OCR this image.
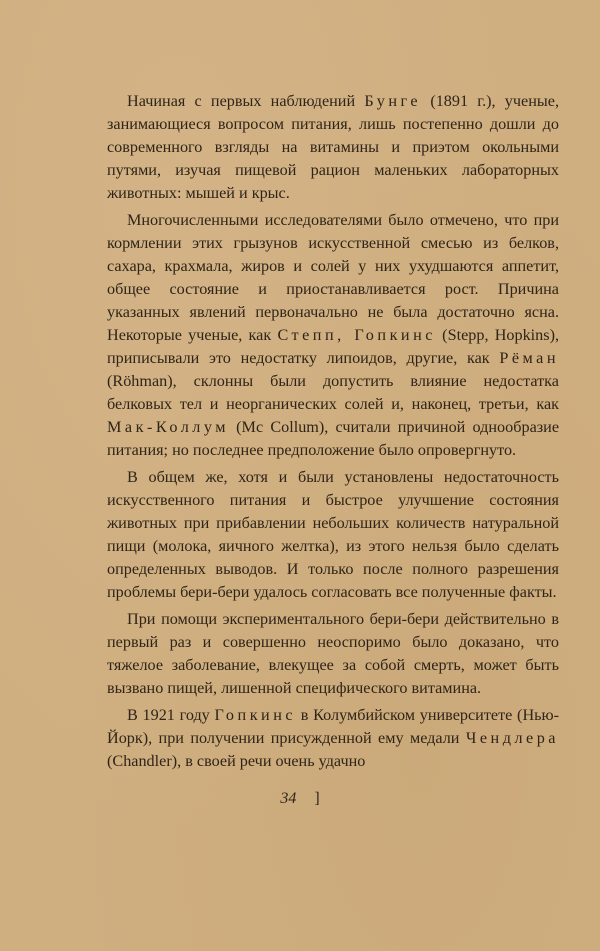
Начиная с первых наблюдений Бунге (1891 г.), ученые, занимающиеся вопросом питания, лишь постепенно дошли до современного взгляды на витамины и приэтом окольными путями, изучая пищевой рацион маленьких лабораторных животных: мышей и крыс.

Многочисленными исследователями было отмечено, что при кормлении этих грызунов искусственной смесью из белков, сахара, крахмала, жиров и солей у них ухудшаются аппетит, общее состояние и приостанавливается рост. Причина указанных явлений первоначально не была достаточно ясна. Некоторые ученые, как Степп, Гопкинс (Stepp, Hopkins), приписывали это недостатку липоидов, другие, как Рёман (Röhman), склонны были допустить влияние недостатка белковых тел и неорганических солей и, наконец, третьи, как Мак-Коллум (Mc Collum), считали причиной однообразие питания; но последнее предположение было опровергнуто.

В общем же, хотя и были установлены недостаточность искусственного питания и быстрое улучшение состояния животных при прибавлении небольших количеств натуральной пищи (молока, яичного желтка), из этого нельзя было сделать определенных выводов. И только после полного разрешения проблемы бери-бери удалось согласовать все полученные факты.

При помощи экспериментального бери-бери действительно в первый раз и совершенно неоспоримо было доказано, что тяжелое заболевание, влекущее за собой смерть, может быть вызвано пищей, лишенной специфического витамина.

В 1921 году Гопкинс в Колумбийском университете (Нью-Йорк), при получении присужденной ему медали Чендлера (Chandler), в своей речи очень удачно

34 ]
